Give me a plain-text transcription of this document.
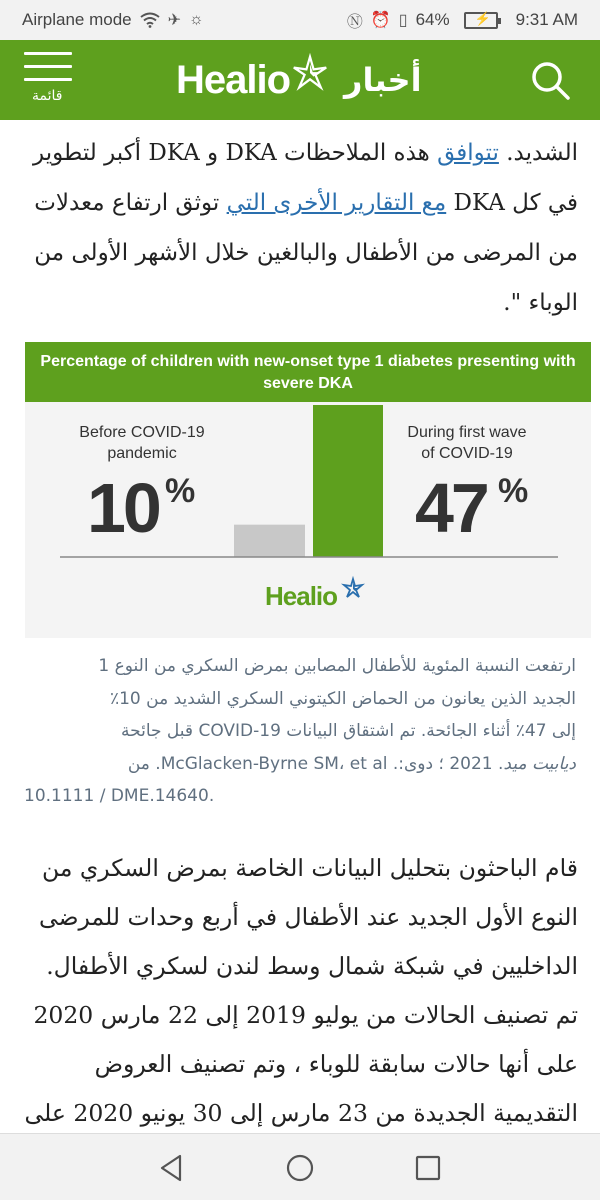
Airplane mode ✈ ☼	Ⓝ ⏰ ▯ 64% ⚡ 9:31 AM
قائمة	Healio أخبار

الشديد. تتوافق هذه الملاحظات DKA و DKA أكبر لتطوير في كل DKA مع التقارير الأخرى التي توثق ارتفاع معدلات من المرضى من الأطفال والبالغين خلال الأشهر الأولى من الوباء ".

Percentage of children with new-onset type 1 diabetes presenting with severe DKA
Before COVID-19
pandemic
During first wave
of COVID-19
10 %	47 %
Healio
ارتفعت النسبة المئوية للأطفال المصابين بمرض السكري من النوع 1
الجديد الذين يعانون من الحماض الكيتوني السكري الشديد من 10٪
إلى 47٪ أثناء الجائحة. تم اشتقاق البيانات COVID-19 قبل جائحة
دیابیت مید. 2021 ؛ دوی:. McGlacken-Byrne SM، et al. من
10.1111 / DME.14640.

قام الباحثون بتحليل البيانات الخاصة بمرض السكري من النوع الأول الجديد عند الأطفال في أربع وحدات للمرضى الداخليين في شبكة شمال وسط لندن لسكري الأطفال. تم تصنيف الحالات من يوليو 2019 إلى 22 مارس 2020 على أنها حالات سابقة للوباء ، وتم تصنيف العروض التقديمية الجديدة من 23 مارس إلى 30 يونيو 2020 على
